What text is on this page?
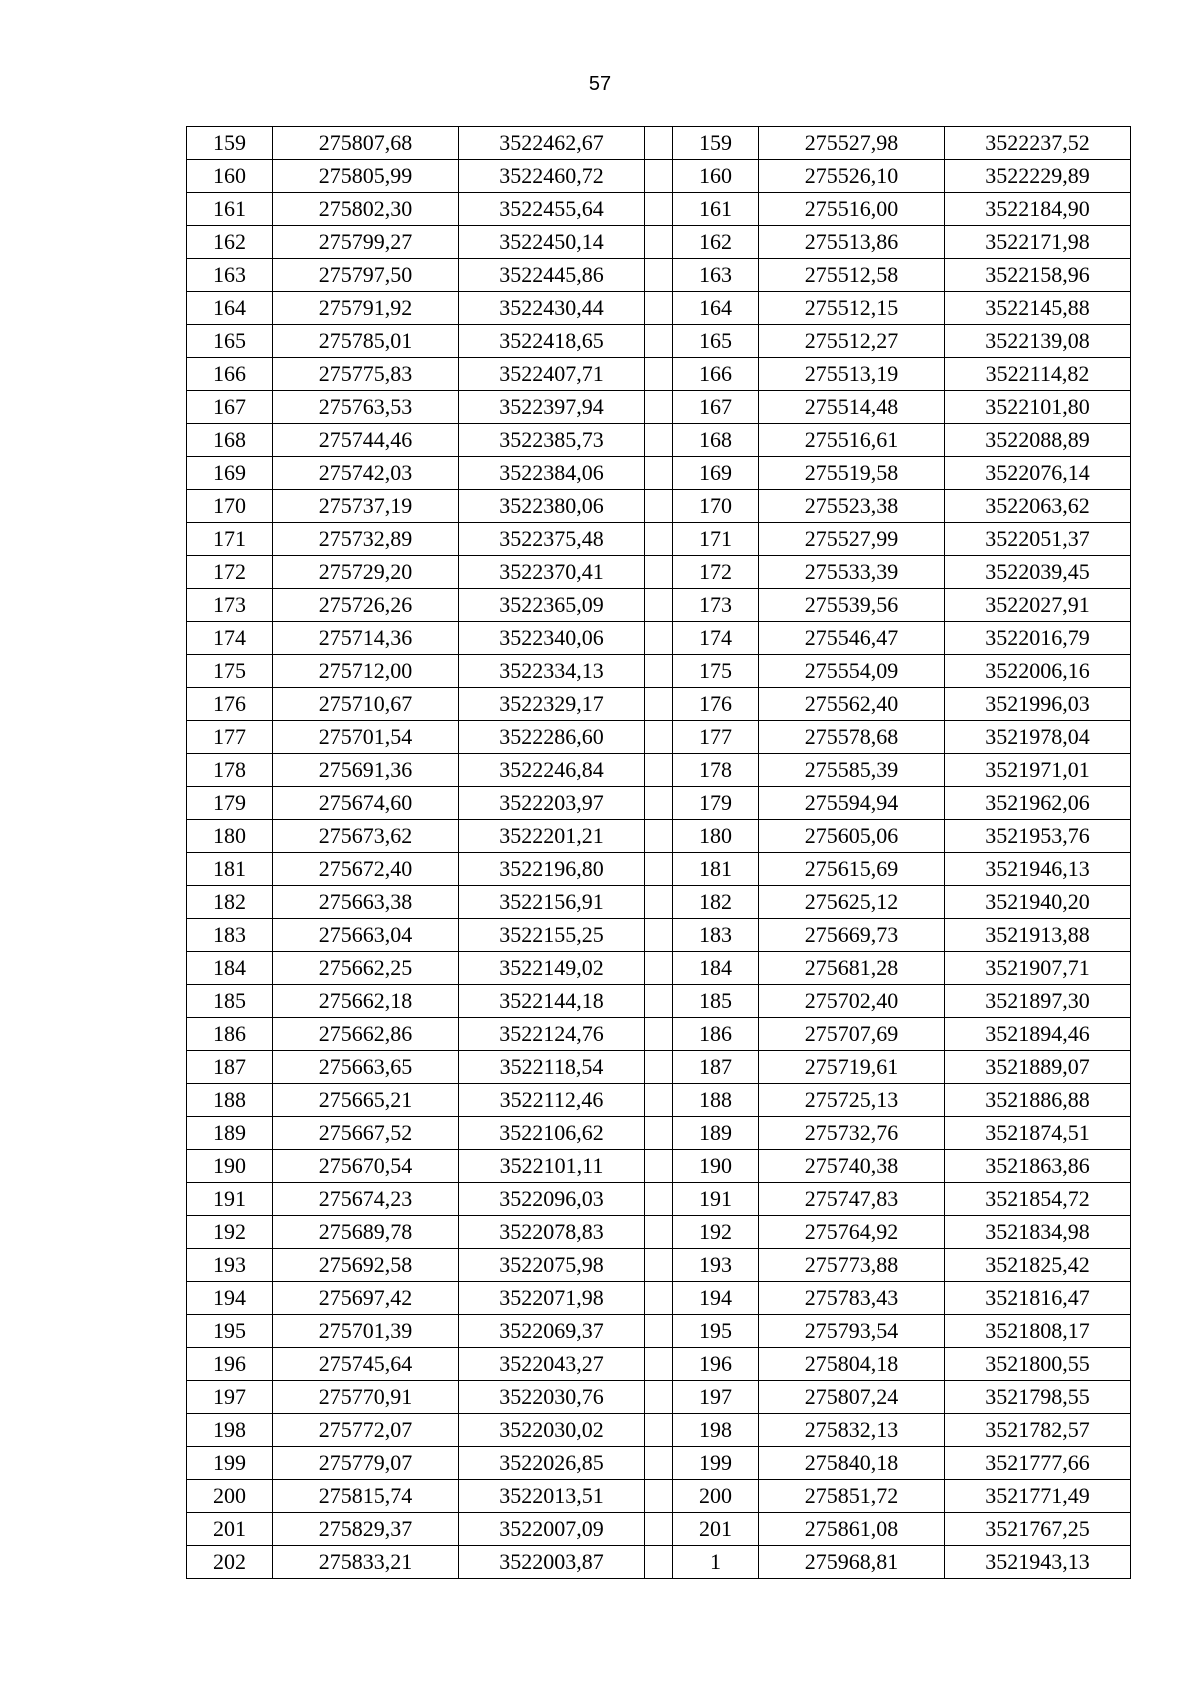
57
159	275807,68	3522462,67		159	275527,98	3522237,52
160	275805,99	3522460,72		160	275526,10	3522229,89
161	275802,30	3522455,64		161	275516,00	3522184,90
162	275799,27	3522450,14		162	275513,86	3522171,98
163	275797,50	3522445,86		163	275512,58	3522158,96
164	275791,92	3522430,44		164	275512,15	3522145,88
165	275785,01	3522418,65		165	275512,27	3522139,08
166	275775,83	3522407,71		166	275513,19	3522114,82
167	275763,53	3522397,94		167	275514,48	3522101,80
168	275744,46	3522385,73		168	275516,61	3522088,89
169	275742,03	3522384,06		169	275519,58	3522076,14
170	275737,19	3522380,06		170	275523,38	3522063,62
171	275732,89	3522375,48		171	275527,99	3522051,37
172	275729,20	3522370,41		172	275533,39	3522039,45
173	275726,26	3522365,09		173	275539,56	3522027,91
174	275714,36	3522340,06		174	275546,47	3522016,79
175	275712,00	3522334,13		175	275554,09	3522006,16
176	275710,67	3522329,17		176	275562,40	3521996,03
177	275701,54	3522286,60		177	275578,68	3521978,04
178	275691,36	3522246,84		178	275585,39	3521971,01
179	275674,60	3522203,97		179	275594,94	3521962,06
180	275673,62	3522201,21		180	275605,06	3521953,76
181	275672,40	3522196,80		181	275615,69	3521946,13
182	275663,38	3522156,91		182	275625,12	3521940,20
183	275663,04	3522155,25		183	275669,73	3521913,88
184	275662,25	3522149,02		184	275681,28	3521907,71
185	275662,18	3522144,18		185	275702,40	3521897,30
186	275662,86	3522124,76		186	275707,69	3521894,46
187	275663,65	3522118,54		187	275719,61	3521889,07
188	275665,21	3522112,46		188	275725,13	3521886,88
189	275667,52	3522106,62		189	275732,76	3521874,51
190	275670,54	3522101,11		190	275740,38	3521863,86
191	275674,23	3522096,03		191	275747,83	3521854,72
192	275689,78	3522078,83		192	275764,92	3521834,98
193	275692,58	3522075,98		193	275773,88	3521825,42
194	275697,42	3522071,98		194	275783,43	3521816,47
195	275701,39	3522069,37		195	275793,54	3521808,17
196	275745,64	3522043,27		196	275804,18	3521800,55
197	275770,91	3522030,76		197	275807,24	3521798,55
198	275772,07	3522030,02		198	275832,13	3521782,57
199	275779,07	3522026,85		199	275840,18	3521777,66
200	275815,74	3522013,51		200	275851,72	3521771,49
201	275829,37	3522007,09		201	275861,08	3521767,25
202	275833,21	3522003,87		1	275968,81	3521943,13
